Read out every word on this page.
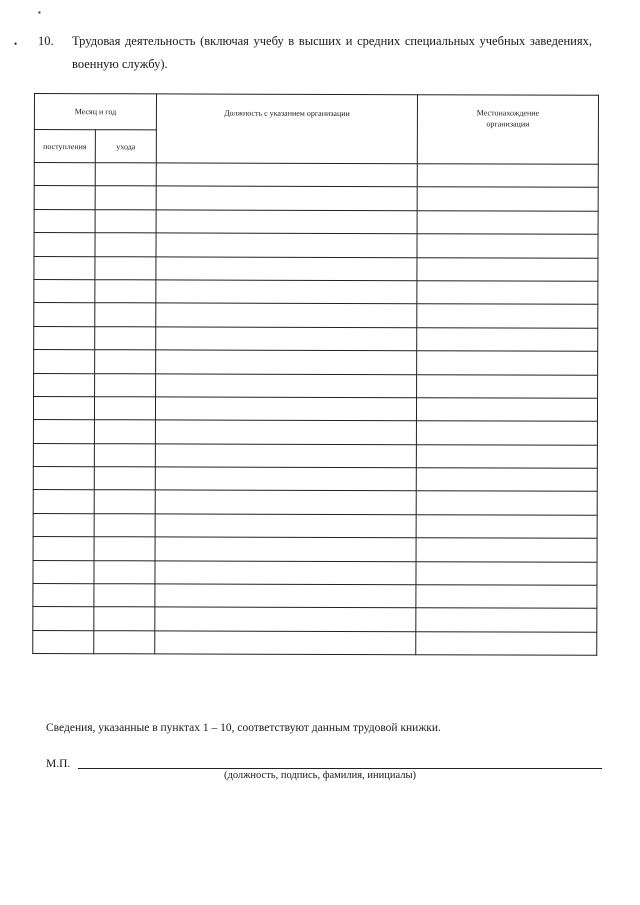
▪
• 10. Трудовая деятельность (включая учебу в высших и средних специальных учебных заведениях, военную службу).
Месяц и год		Должность с указанием организации	Местонахождение организации
поступления	ухода		

Сведения, указанные в пунктах 1 – 10, соответствуют данным трудовой книжки.
М.П.
(должность, подпись, фамилия, инициалы)
